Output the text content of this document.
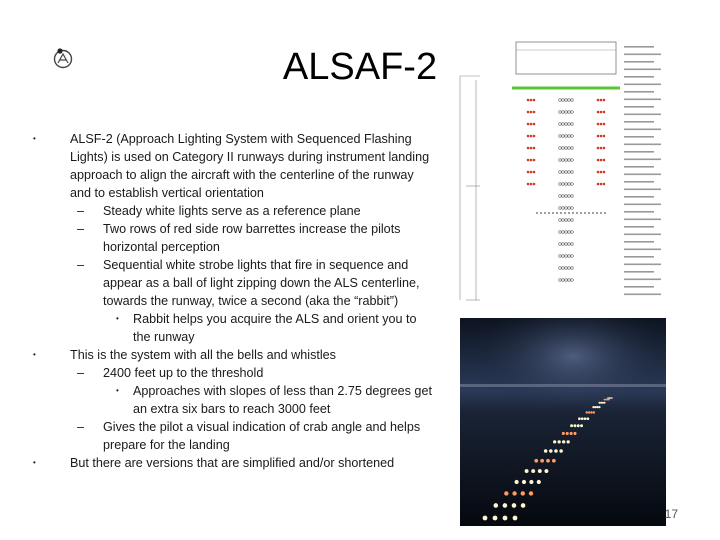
ALSAF-2
•	ALSF-2 (Approach Lighting System with Sequenced Flashing Lights) is used on Category II runways during instrument landing approach to align the aircraft with the centerline of the runway and to establish vertical orientation
– Steady white lights serve as a reference plane
– Two rows of red side row barrettes increase the pilots horizontal perception
– Sequential white strobe lights that fire in sequence and appear as a ball of light zipping down the ALS centerline, towards the runway, twice a second (aka the “rabbit”)
• Rabbit helps you acquire the ALS and orient you to the runway
•	This is the system with all the bells and whistles
– 2400 feet up to the threshold
• Approaches with slopes of less than 2.75 degrees get an extra six bars to reach 3000 feet
– Gives the pilot a visual indication of crab angle and helps prepare for the landing
•	But there are versions that are simplified and/or shortened
17
